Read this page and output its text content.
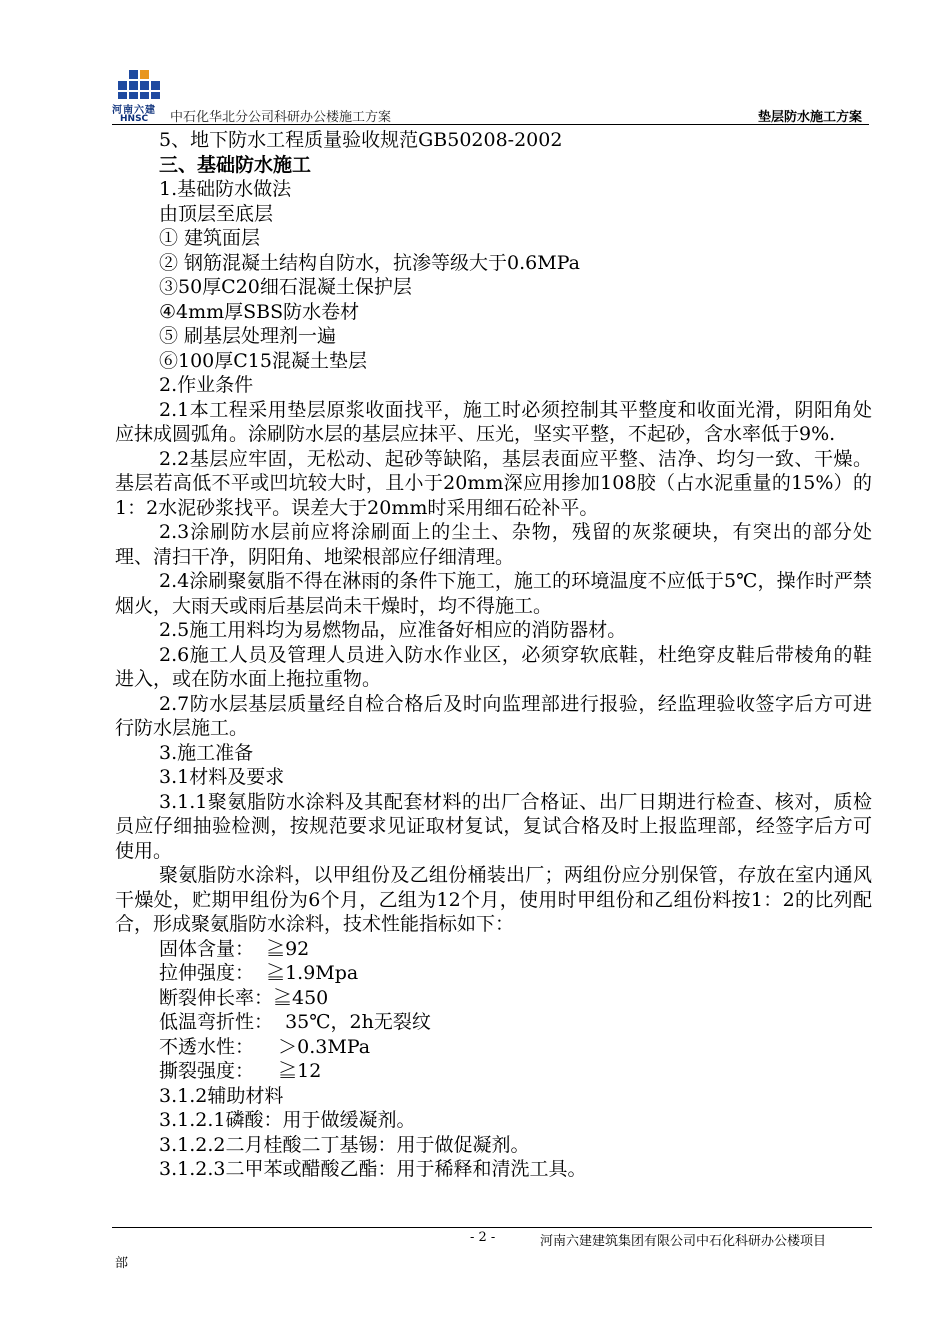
河南六建
HNSC	中石化华北分公司科研办公楼施工方案	垫层防水施工方案

5、地下防水工程质量验收规范GB50208-2002

三、基础防水施工

1.基础防水做法

由顶层至底层

① 建筑面层

② 钢筋混凝土结构自防水，抗渗等级大于0.6MPa

③50厚C20细石混凝土保护层

④4mm厚SBS防水卷材

⑤ 刷基层处理剂一遍

⑥100厚C15混凝土垫层

2.作业条件

2.1本工程采用垫层原浆收面找平，施工时必须控制其平整度和收面光滑，阴阳角处应抹成圆弧角。涂刷防水层的基层应抹平、压光，坚实平整，不起砂，含水率低于9%.

2.2基层应牢固，无松动、起砂等缺陷，基层表面应平整、洁净、均匀一致、干燥。基层若高低不平或凹坑较大时，且小于20mm深应用掺加108胶（占水泥重量的15%）的1：2水泥砂浆找平。误差大于20mm时采用细石砼补平。

2.3涂刷防水层前应将涂刷面上的尘土、杂物，残留的灰浆硬块，有突出的部分处理、清扫干净，阴阳角、地梁根部应仔细清理。

2.4涂刷聚氨脂不得在淋雨的条件下施工，施工的环境温度不应低于5℃，操作时严禁烟火，大雨天或雨后基层尚未干燥时，均不得施工。

2.5施工用料均为易燃物品，应准备好相应的消防器材。

2.6施工人员及管理人员进入防水作业区，必须穿软底鞋，杜绝穿皮鞋后带棱角的鞋进入，或在防水面上拖拉重物。

2.7防水层基层质量经自检合格后及时向监理部进行报验，经监理验收签字后方可进行防水层施工。

3.施工准备

3.1材料及要求

3.1.1聚氨脂防水涂料及其配套材料的出厂合格证、出厂日期进行检查、核对，质检员应仔细抽验检测，按规范要求见证取材复试，复试合格及时上报监理部，经签字后方可使用。

聚氨脂防水涂料，以甲组份及乙组份桶装出厂；两组份应分别保管，存放在室内通风干燥处，贮期甲组份为6个月，乙组为12个月，使用时甲组份和乙组份料按1：2的比列配合，形成聚氨脂防水涂料，技术性能指标如下：

固体含量：  ≧92

拉伸强度：  ≧1.9Mpa

断裂伸长率：≧450

低温弯折性：  35℃，2h无裂纹

不透水性：    ＞0.3MPa

撕裂强度：    ≧12

3.1.2辅助材料

3.1.2.1磷酸：用于做缓凝剂。

3.1.2.2二月桂酸二丁基锡：用于做促凝剂。

3.1.2.3二甲苯或醋酸乙酯：用于稀释和清洗工具。

- 2 -	河南六建建筑集团有限公司中石化科研办公楼项目
部
